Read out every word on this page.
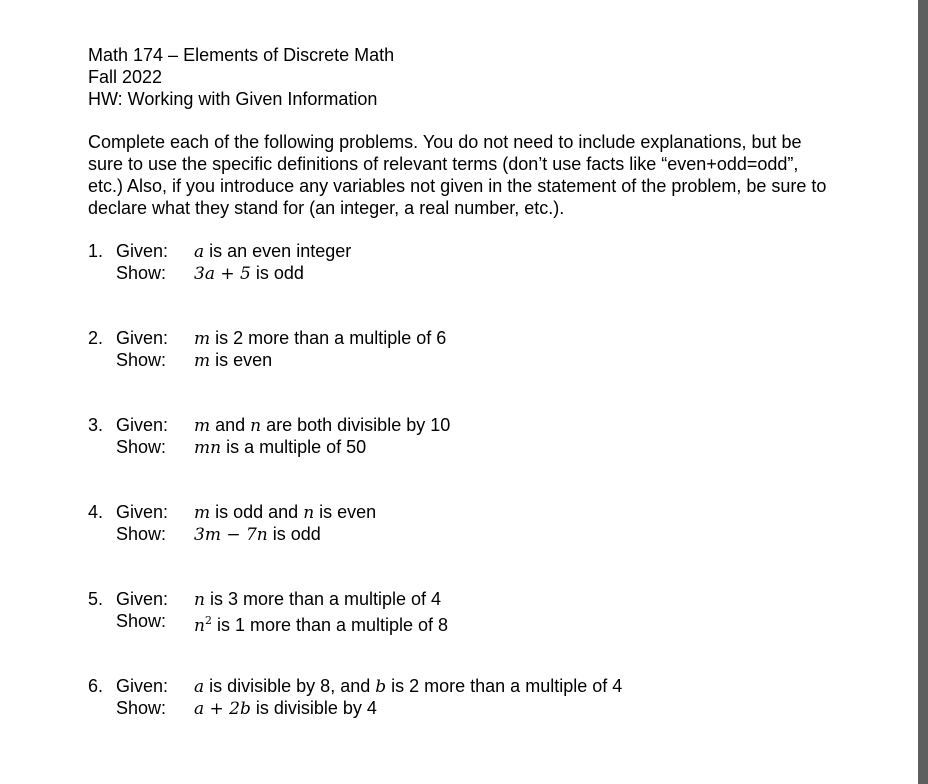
Math 174 – Elements of Discrete Math
Fall 2022
HW: Working with Given Information
Complete each of the following problems. You do not need to include explanations, but be sure to use the specific definitions of relevant terms (don’t use facts like “even+odd=odd”, etc.) Also, if you introduce any variables not given in the statement of the problem, be sure to declare what they stand for (an integer, a real number, etc.).
1. Given: a is an even integer
Show: 3a + 5 is odd
2. Given: m is 2 more than a multiple of 6
Show: m is even
3. Given: m and n are both divisible by 10
Show: mn is a multiple of 50
4. Given: m is odd and n is even
Show: 3m − 7n is odd
5. Given: n is 3 more than a multiple of 4
Show: $n^2$ is 1 more than a multiple of 8
6. Given: a is divisible by 8, and b is 2 more than a multiple of 4
Show: a + 2b is divisible by 4
